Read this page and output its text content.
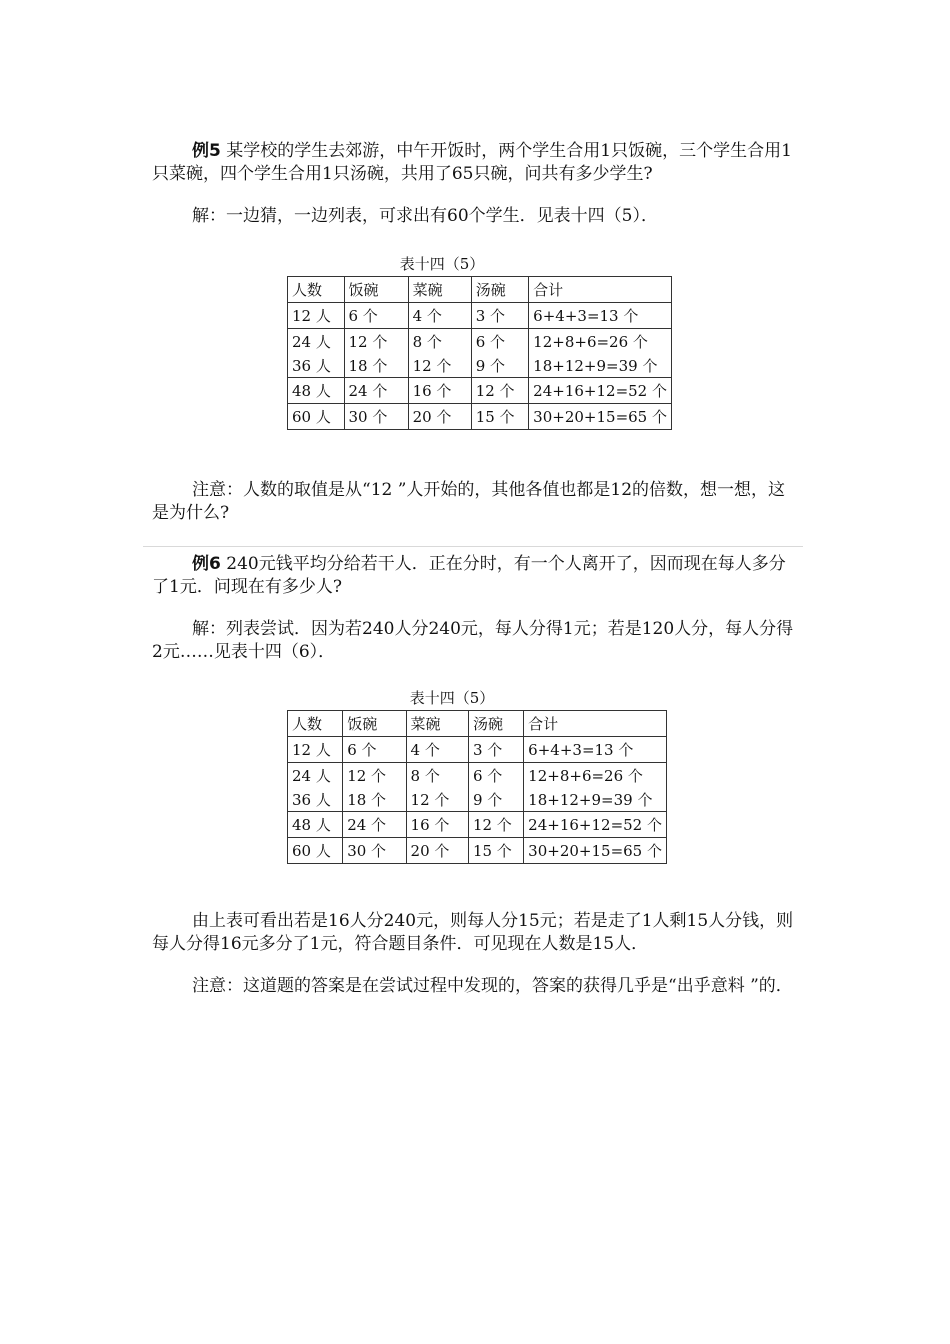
例5 某学校的学生去郊游，中午开饭时，两个学生合用1只饭碗，三个学生合用1只菜碗，四个学生合用1只汤碗，共用了65只碗，问共有多少学生?

解：一边猜，一边列表，可求出有60个学生．见表十四（5）．

表十四（5）
人数	饭碗	菜碗	汤碗	合计
12 人	6 个	4 个	3 个	6+4+3=13 个
24 人	12 个	8 个	6 个	12+8+6=26 个
36 人	18 个	12 个	9 个	18+12+9=39 个
48 人	24 个	16 个	12 个	24+16+12=52 个
60 人	30 个	20 个	15 个	30+20+15=65 个

注意：人数的取值是从“12 ”人开始的，其他各值也都是12的倍数，想一想，这是为什么?

例6 240元钱平均分给若干人．正在分时，有一个人离开了，因而现在每人多分了1元．问现在有多少人?

解：列表尝试．因为若240人分240元，每人分得1元；若是120人分，每人分得2元……见表十四（6）．

表十四（5）
人数	饭碗	菜碗	汤碗	合计
12 人	6 个	4 个	3 个	6+4+3=13 个
24 人	12 个	8 个	6 个	12+8+6=26 个
36 人	18 个	12 个	9 个	18+12+9=39 个
48 人	24 个	16 个	12 个	24+16+12=52 个
60 人	30 个	20 个	15 个	30+20+15=65 个

由上表可看出若是16人分240元，则每人分15元；若是走了1人剩15人分钱，则每人分得16元多分了1元，符合题目条件．可见现在人数是15人．

注意：这道题的答案是在尝试过程中发现的，答案的获得几乎是“出乎意料 ”的．
